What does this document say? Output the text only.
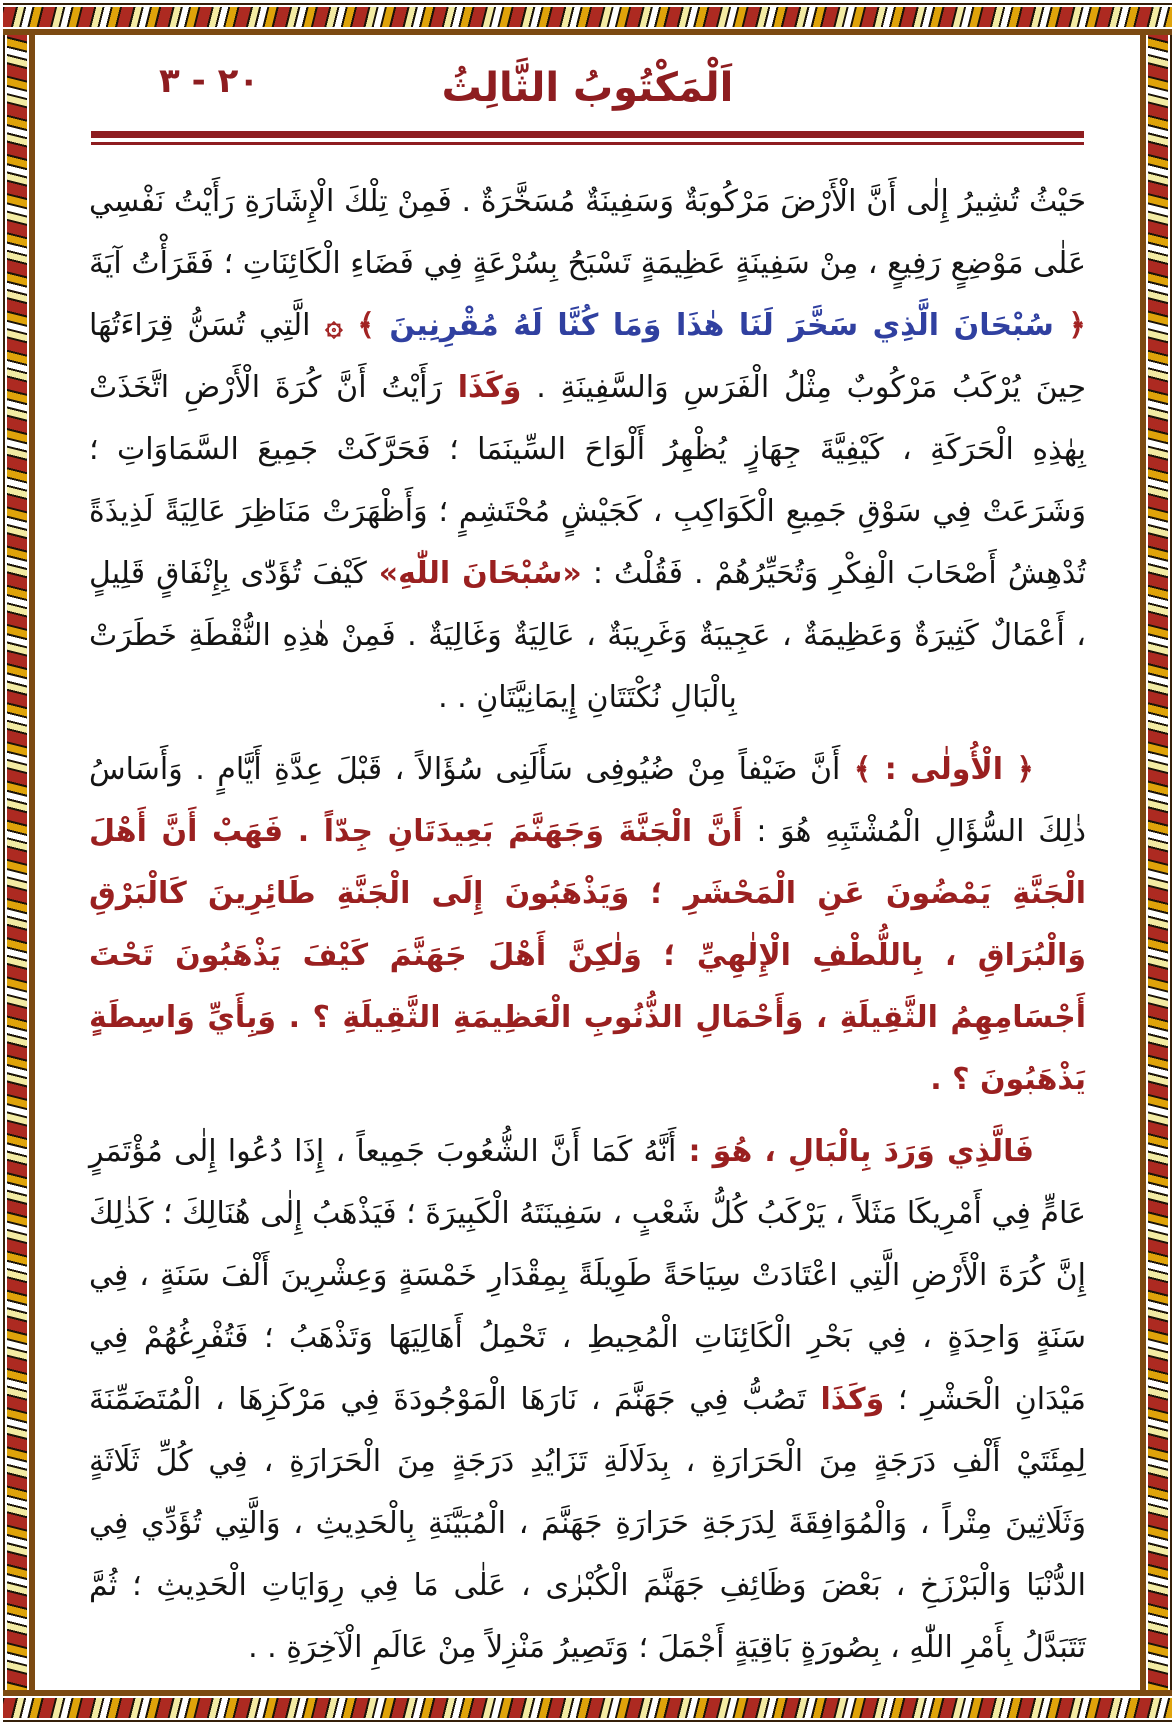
٢٠ - ٣	اَلْمَكْتُوبُ الثَّالِثُ

حَيْثُ تُشِيرُ إِلٰى أَنَّ الْأَرْضَ مَرْكُوبَةٌ وَسَفِينَةٌ مُسَخَّرَةٌ . فَمِنْ تِلْكَ الْإِشَارَةِ رَأَيْتُ نَفْسِي عَلٰى مَوْضِعٍ رَفِيعٍ ، مِنْ سَفِينَةٍ عَظِيمَةٍ تَسْبَحُ بِسُرْعَةٍ فِي فَضَاءِ الْكَائِنَاتِ ؛ فَقَرَأْتُ آيَةَ ﴿ سُبْحَانَ الَّذِي سَخَّرَ لَنَا هٰذَا وَمَا كُنَّا لَهُ مُقْرِنِينَ ﴾ ۞ الَّتِي تُسَنُّ قِرَاءَتُهَا حِينَ يُرْكَبُ مَرْكُوبٌ مِثْلُ الْفَرَسِ وَالسَّفِينَةِ . وَكَذَا رَأَيْتُ أَنَّ كُرَةَ الْأَرْضِ اتَّخَذَتْ بِهٰذِهِ الْحَرَكَةِ ، كَيْفِيَّةَ جِهَازٍ يُظْهِرُ أَلْوَاحَ السِّينَمَا ؛ فَحَرَّكَتْ جَمِيعَ السَّمَاوَاتِ ؛ وَشَرَعَتْ فِي سَوْقِ جَمِيعِ الْكَوَاكِبِ ، كَجَيْشٍ مُحْتَشِمٍ ؛ وَأَظْهَرَتْ مَنَاظِرَ عَالِيَةً لَذِيذَةً تُدْهِشُ أَصْحَابَ الْفِكْرِ وَتُحَيِّرُهُمْ . فَقُلْتُ : «سُبْحَانَ اللّٰهِ» كَيْفَ تُؤَدّٰى بِإِنْفَاقٍ قَلِيلٍ ، أَعْمَالٌ كَثِيرَةٌ وَعَظِيمَةٌ ، عَجِيبَةٌ وَغَرِيبَةٌ ، عَالِيَةٌ وَغَالِيَةٌ . فَمِنْ هٰذِهِ النُّقْطَةِ خَطَرَتْ بِالْبَالِ نُكْتَتَانِ إِيمَانِيَّتَانِ . .

﴿ الْأُولٰى : ﴾ أَنَّ ضَيْفاً مِنْ ضُيُوفِى سَأَلَنِى سُؤَالاً ، قَبْلَ عِدَّةِ أَيَّامٍ . وَأَسَاسُ ذٰلِكَ السُّؤَالِ الْمُشْتَبِهِ هُوَ : أَنَّ الْجَنَّةَ وَجَهَنَّمَ بَعِيدَتَانِ جِدّاً . فَهَبْ أَنَّ أَهْلَ الْجَنَّةِ يَمْضُونَ عَنِ الْمَحْشَرِ ؛ وَيَذْهَبُونَ إِلَى الْجَنَّةِ طَائِرِينَ كَالْبَرْقِ وَالْبُرَاقِ ، بِاللُّطْفِ الْإِلٰهِيِّ ؛ وَلٰكِنَّ أَهْلَ جَهَنَّمَ كَيْفَ يَذْهَبُونَ تَحْتَ أَجْسَامِهِمُ الثَّقِيلَةِ ، وَأَحْمَالِ الذُّنُوبِ الْعَظِيمَةِ الثَّقِيلَةِ ؟ . وَبِأَيِّ وَاسِطَةٍ يَذْهَبُونَ ؟ .

فَالَّذِي وَرَدَ بِالْبَالِ ، هُوَ : أَنَّهُ كَمَا أَنَّ الشُّعُوبَ جَمِيعاً ، إِذَا دُعُوا إِلٰى مُؤْتَمَرٍ عَامٍّ فِي أَمْرِيكَا مَثَلاً ، يَرْكَبُ كُلُّ شَعْبٍ ، سَفِينَتَهُ الْكَبِيرَةَ ؛ فَيَذْهَبُ إِلٰى هُنَالِكَ ؛ كَذٰلِكَ إِنَّ كُرَةَ الْأَرْضِ الَّتِي اعْتَادَتْ سِيَاحَةً طَوِيلَةً بِمِقْدَارِ خَمْسَةٍ وَعِشْرِينَ أَلْفَ سَنَةٍ ، فِي سَنَةٍ وَاحِدَةٍ ، فِي بَحْرِ الْكَائِنَاتِ الْمُحِيطِ ، تَحْمِلُ أَهَالِيَهَا وَتَذْهَبُ ؛ فَتُفْرِغُهُمْ فِي مَيْدَانِ الْحَشْرِ ؛ وَكَذَا تَصُبُّ فِي جَهَنَّمَ ، نَارَهَا الْمَوْجُودَةَ فِي مَرْكَزِهَا ، الْمُتَضَمِّنَةَ لِمِئَتَيْ أَلْفِ دَرَجَةٍ مِنَ الْحَرَارَةِ ، بِدَلَالَةِ تَزَايُدِ دَرَجَةٍ مِنَ الْحَرَارَةِ ، فِي كُلِّ ثَلَاثَةٍ وَثَلَاثِينَ مِتْراً ، وَالْمُوَافِقَةَ لِدَرَجَةِ حَرَارَةِ جَهَنَّمَ ، الْمُبَيَّنَةِ بِالْحَدِيثِ ، وَالَّتِي تُؤَدِّي فِي الدُّنْيَا وَالْبَرْزَخِ ، بَعْضَ وَظَائِفِ جَهَنَّمَ الْكُبْرٰى ، عَلٰى مَا فِي رِوَايَاتِ الْحَدِيثِ ؛ ثُمَّ تَتَبَدَّلُ بِأَمْرِ اللّٰهِ ، بِصُورَةٍ بَاقِيَةٍ أَجْمَلَ ؛ وَتَصِيرُ مَنْزِلاً مِنْ عَالَمِ الْآخِرَةِ . .
